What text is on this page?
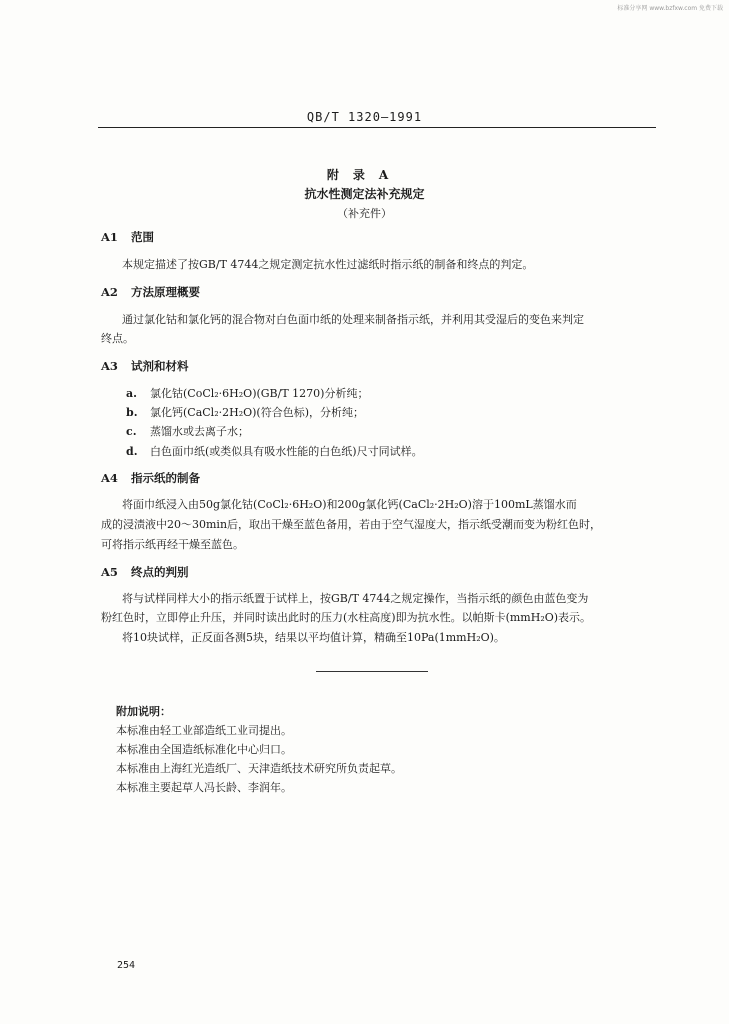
标准分享网 www.bzfxw.com 免费下载
QB/T 1320—1991
附录A
抗水性测定法补充规定
（补充件）
A1 范围
本规定描述了按GB/T 4744之规定测定抗水性过滤纸时指示纸的制备和终点的判定。
A2 方法原理概要
通过氯化钴和氯化钙的混合物对白色面巾纸的处理来制备指示纸，并利用其受湿后的变色来判定
终点。
A3 试剂和材料
a. 氯化钴(CoCl₂·6H₂O)(GB/T 1270)分析纯；
b. 氯化钙(CaCl₂·2H₂O)(符合色标)，分析纯；
c. 蒸馏水或去离子水；
d. 白色面巾纸(或类似具有吸水性能的白色纸)尺寸同试样。
A4 指示纸的制备
将面巾纸浸入由50g氯化钴(CoCl₂·6H₂O)和200g氯化钙(CaCl₂·2H₂O)溶于100mL蒸馏水而
成的浸渍液中20～30min后，取出干燥至蓝色备用，若由于空气湿度大，指示纸受潮而变为粉红色时，
可将指示纸再经干燥至蓝色。
A5 终点的判别
将与试样同样大小的指示纸置于试样上，按GB/T 4744之规定操作，当指示纸的颜色由蓝色变为
粉红色时，立即停止升压，并同时读出此时的压力(水柱高度)即为抗水性。以帕斯卡(mmH₂O)表示。
将10块试样，正反面各测5块，结果以平均值计算，精确至10Pa(1mmH₂O)。
附加说明：
本标准由轻工业部造纸工业司提出。
本标准由全国造纸标准化中心归口。
本标准由上海红光造纸厂、天津造纸技术研究所负责起草。
本标准主要起草人冯长龄、李润年。
254
